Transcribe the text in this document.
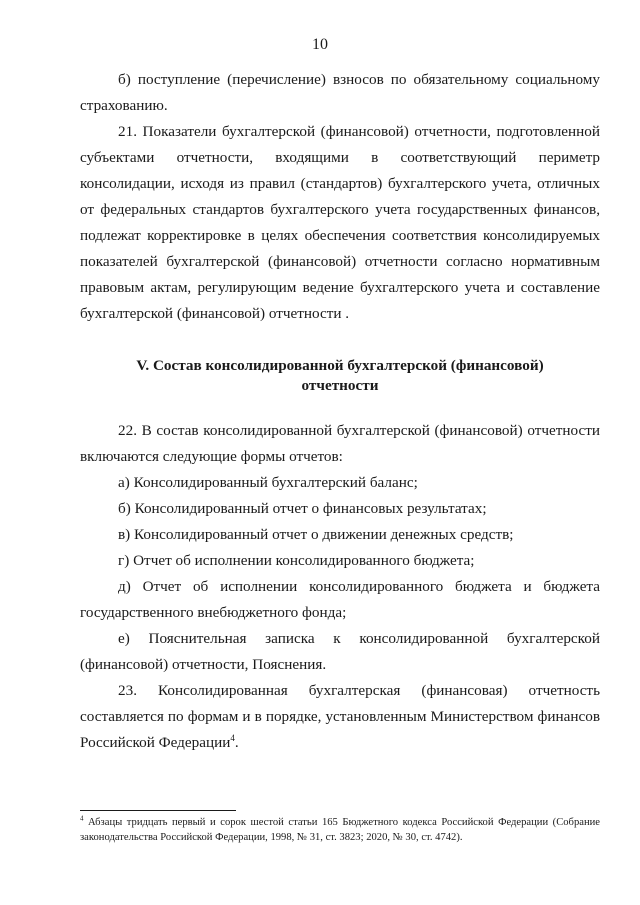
10

б) поступление (перечисление) взносов по обязательному социальному страхованию.

21. Показатели бухгалтерской (финансовой) отчетности, подготовленной субъектами отчетности, входящими в соответствующий периметр консолидации, исходя из правил (стандартов) бухгалтерского учета, отличных от федеральных стандартов бухгалтерского учета государственных финансов, подлежат корректировке в целях обеспечения соответствия консолидируемых показателей бухгалтерской (финансовой) отчетности согласно нормативным правовым актам, регулирующим ведение бухгалтерского учета и составление бухгалтерской (финансовой) отчетности .

V. Состав консолидированной бухгалтерской (финансовой)
отчетности

22. В состав консолидированной бухгалтерской (финансовой) отчетности включаются следующие формы отчетов:

а) Консолидированный бухгалтерский баланс;

б) Консолидированный отчет о финансовых результатах;

в) Консолидированный отчет о движении денежных средств;

г) Отчет об исполнении консолидированного бюджета;

д) Отчет об исполнении консолидированного бюджета и бюджета государственного внебюджетного фонда;

е) Пояснительная записка к консолидированной бухгалтерской (финансовой) отчетности, Пояснения.

23. Консолидированная бухгалтерская (финансовая) отчетность составляется по формам и в порядке, установленным Министерством финансов Российской Федерации$^4$.

$^4$ Абзацы тридцать первый и сорок шестой статьи 165 Бюджетного кодекса Российской Федерации (Собрание законодательства Российской Федерации, 1998, № 31, ст. 3823; 2020, № 30, ст. 4742).
